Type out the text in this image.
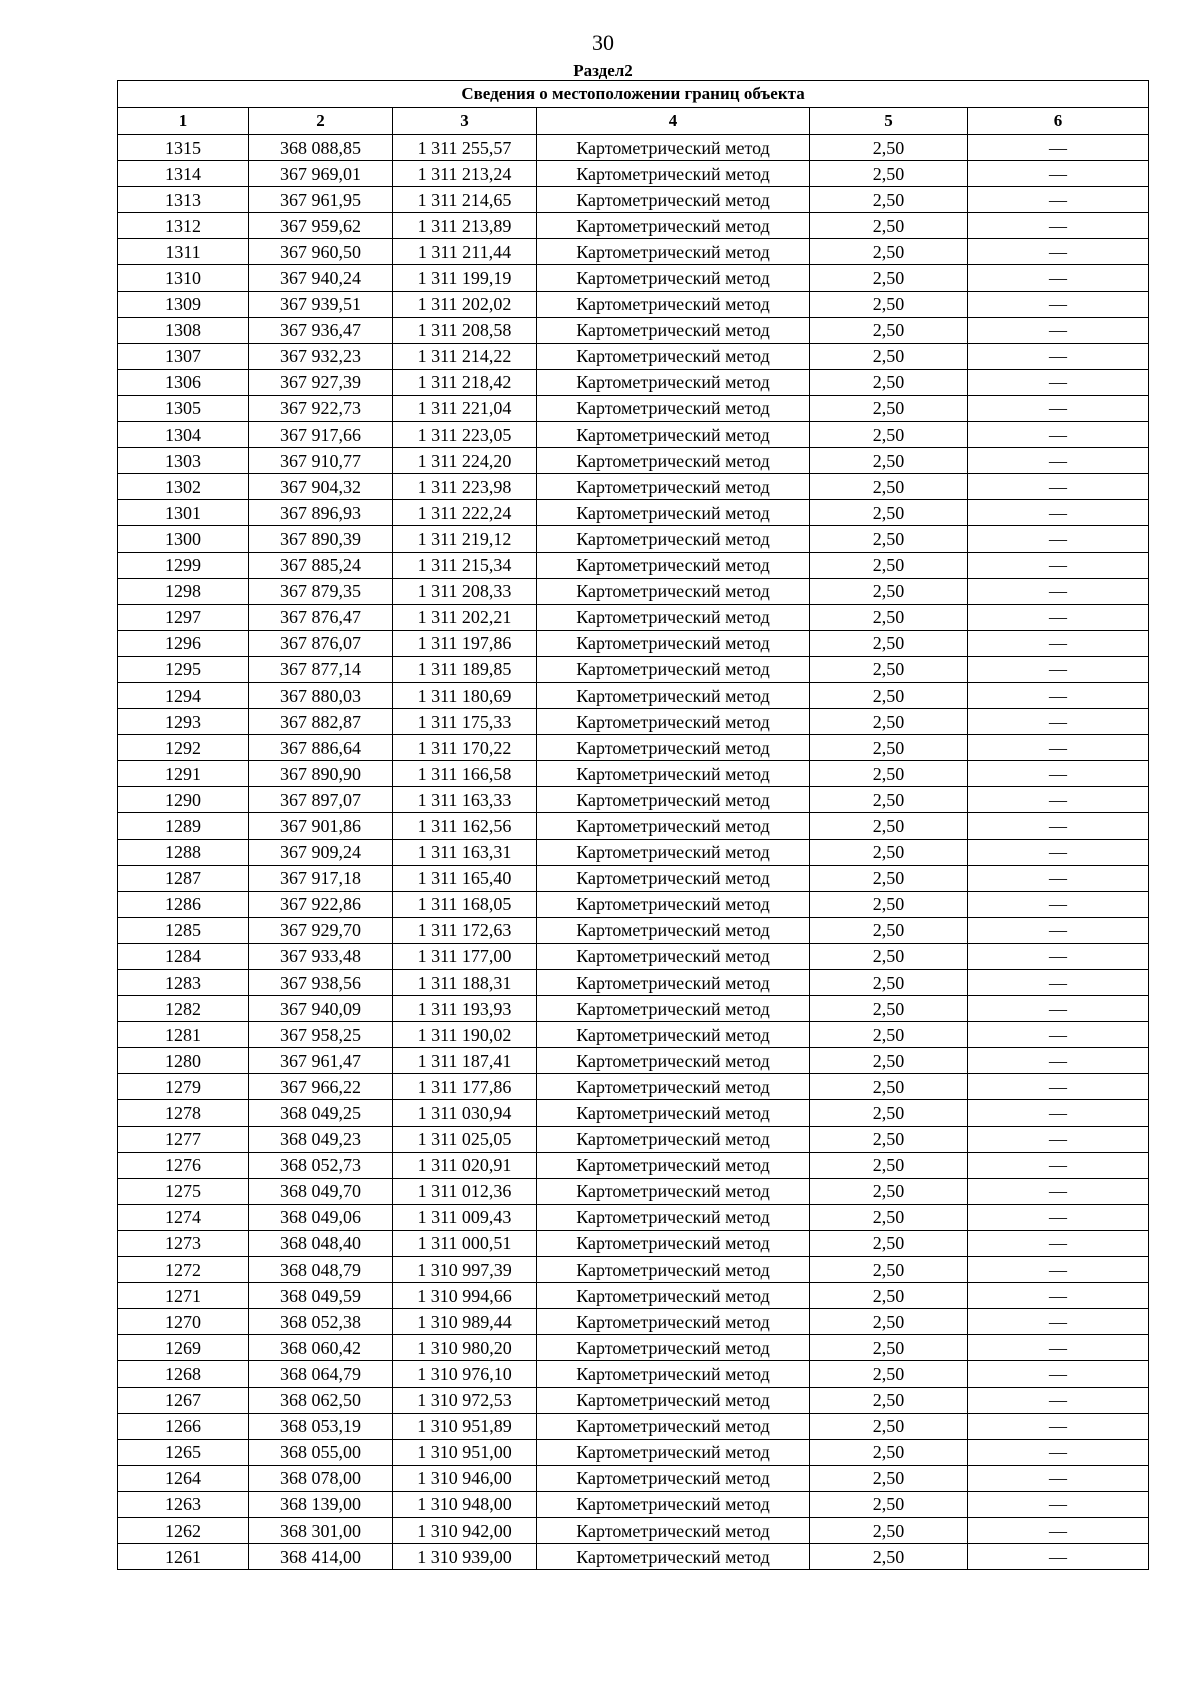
30
Раздел2
Сведения о местоположении границ объекта					
1	2	3	4	5	6
1315	368 088,85	1 311 255,57	Картометрический метод	2,50	—
1314	367 969,01	1 311 213,24	Картометрический метод	2,50	—
1313	367 961,95	1 311 214,65	Картометрический метод	2,50	—
1312	367 959,62	1 311 213,89	Картометрический метод	2,50	—
1311	367 960,50	1 311 211,44	Картометрический метод	2,50	—
1310	367 940,24	1 311 199,19	Картометрический метод	2,50	—
1309	367 939,51	1 311 202,02	Картометрический метод	2,50	—
1308	367 936,47	1 311 208,58	Картометрический метод	2,50	—
1307	367 932,23	1 311 214,22	Картометрический метод	2,50	—
1306	367 927,39	1 311 218,42	Картометрический метод	2,50	—
1305	367 922,73	1 311 221,04	Картометрический метод	2,50	—
1304	367 917,66	1 311 223,05	Картометрический метод	2,50	—
1303	367 910,77	1 311 224,20	Картометрический метод	2,50	—
1302	367 904,32	1 311 223,98	Картометрический метод	2,50	—
1301	367 896,93	1 311 222,24	Картометрический метод	2,50	—
1300	367 890,39	1 311 219,12	Картометрический метод	2,50	—
1299	367 885,24	1 311 215,34	Картометрический метод	2,50	—
1298	367 879,35	1 311 208,33	Картометрический метод	2,50	—
1297	367 876,47	1 311 202,21	Картометрический метод	2,50	—
1296	367 876,07	1 311 197,86	Картометрический метод	2,50	—
1295	367 877,14	1 311 189,85	Картометрический метод	2,50	—
1294	367 880,03	1 311 180,69	Картометрический метод	2,50	—
1293	367 882,87	1 311 175,33	Картометрический метод	2,50	—
1292	367 886,64	1 311 170,22	Картометрический метод	2,50	—
1291	367 890,90	1 311 166,58	Картометрический метод	2,50	—
1290	367 897,07	1 311 163,33	Картометрический метод	2,50	—
1289	367 901,86	1 311 162,56	Картометрический метод	2,50	—
1288	367 909,24	1 311 163,31	Картометрический метод	2,50	—
1287	367 917,18	1 311 165,40	Картометрический метод	2,50	—
1286	367 922,86	1 311 168,05	Картометрический метод	2,50	—
1285	367 929,70	1 311 172,63	Картометрический метод	2,50	—
1284	367 933,48	1 311 177,00	Картометрический метод	2,50	—
1283	367 938,56	1 311 188,31	Картометрический метод	2,50	—
1282	367 940,09	1 311 193,93	Картометрический метод	2,50	—
1281	367 958,25	1 311 190,02	Картометрический метод	2,50	—
1280	367 961,47	1 311 187,41	Картометрический метод	2,50	—
1279	367 966,22	1 311 177,86	Картометрический метод	2,50	—
1278	368 049,25	1 311 030,94	Картометрический метод	2,50	—
1277	368 049,23	1 311 025,05	Картометрический метод	2,50	—
1276	368 052,73	1 311 020,91	Картометрический метод	2,50	—
1275	368 049,70	1 311 012,36	Картометрический метод	2,50	—
1274	368 049,06	1 311 009,43	Картометрический метод	2,50	—
1273	368 048,40	1 311 000,51	Картометрический метод	2,50	—
1272	368 048,79	1 310 997,39	Картометрический метод	2,50	—
1271	368 049,59	1 310 994,66	Картометрический метод	2,50	—
1270	368 052,38	1 310 989,44	Картометрический метод	2,50	—
1269	368 060,42	1 310 980,20	Картометрический метод	2,50	—
1268	368 064,79	1 310 976,10	Картометрический метод	2,50	—
1267	368 062,50	1 310 972,53	Картометрический метод	2,50	—
1266	368 053,19	1 310 951,89	Картометрический метод	2,50	—
1265	368 055,00	1 310 951,00	Картометрический метод	2,50	—
1264	368 078,00	1 310 946,00	Картометрический метод	2,50	—
1263	368 139,00	1 310 948,00	Картометрический метод	2,50	—
1262	368 301,00	1 310 942,00	Картометрический метод	2,50	—
1261	368 414,00	1 310 939,00	Картометрический метод	2,50	—
